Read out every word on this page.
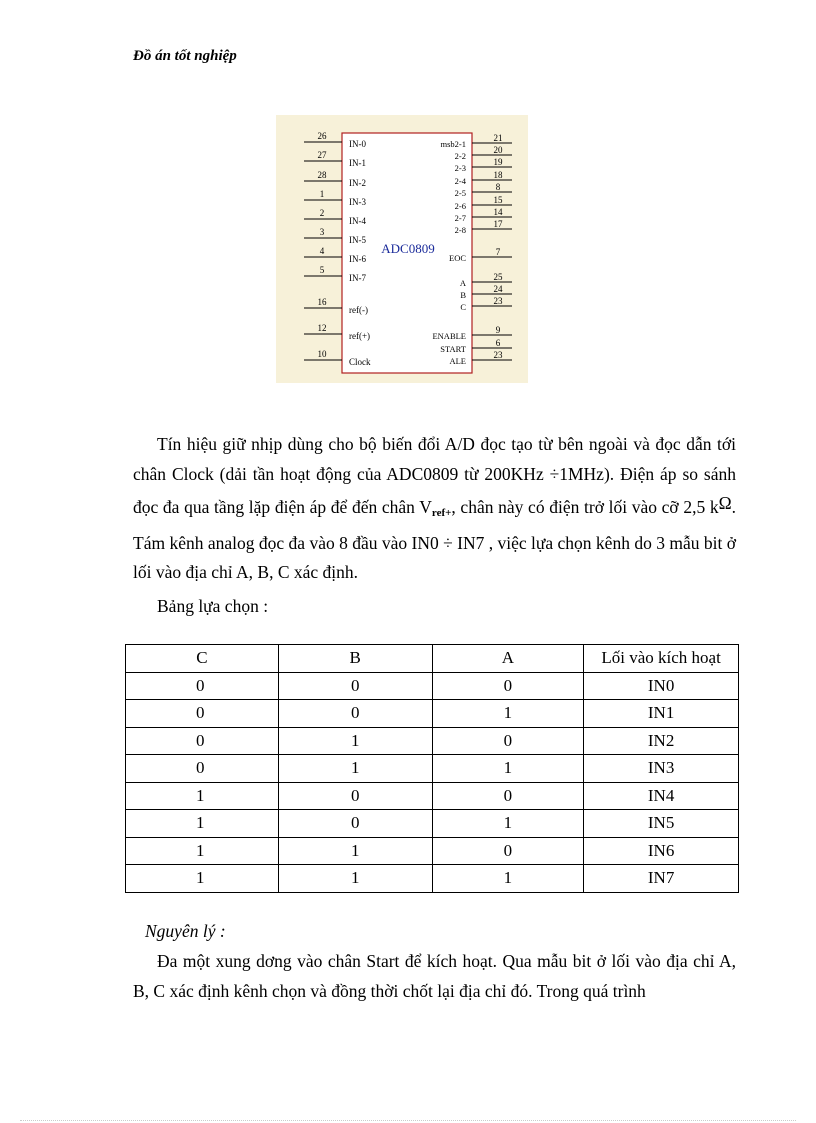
Đồ án tốt nghiệp
ADC0809
26
IN-0
27
IN-1
28
IN-2
1
IN-3
2
IN-4
3
IN-5
4
IN-6
5
IN-7
16
ref(-)
12
ref(+)
10
Clock
21
msb2-1
20
2-2
19
2-3
18
2-4
8
2-5
15
2-6
14
2-7
17
2-8
7
EOC
25
A
24
B
23
C
9
ENABLE
6
START
23
ALE

Tín hiệu giữ nhịp dùng cho bộ biến đổi A/D đọc tạo từ bên ngoài và đọc dẫn tới chân Clock (dải tần hoạt động của ADC0809 từ 200KHz ÷1MHz). Điện áp so sánh đọc đa qua tầng lặp điện áp để đến chân $V_{ref+}$, chân này có điện trở lối vào cỡ 2,5 kΩ. Tám kênh analog đọc đa vào 8 đầu vào IN0 ÷ IN7 , việc lựa chọn kênh do 3 mẫu bit ở lối vào địa chỉ A, B, C xác định.

Bảng lựa chọn :

C	B	A	Lối vào kích hoạt
0	0	0	IN0
0	0	1	IN1
0	1	0	IN2
0	1	1	IN3
1	0	0	IN4
1	0	1	IN5
1	1	0	IN6
1	1	1	IN7

Nguyên lý :

Đa một xung dơng vào chân Start để kích hoạt. Qua mẫu bit ở lối vào địa chỉ A, B, C xác định kênh chọn và đồng thời chốt lại địa chỉ đó. Trong quá trình
